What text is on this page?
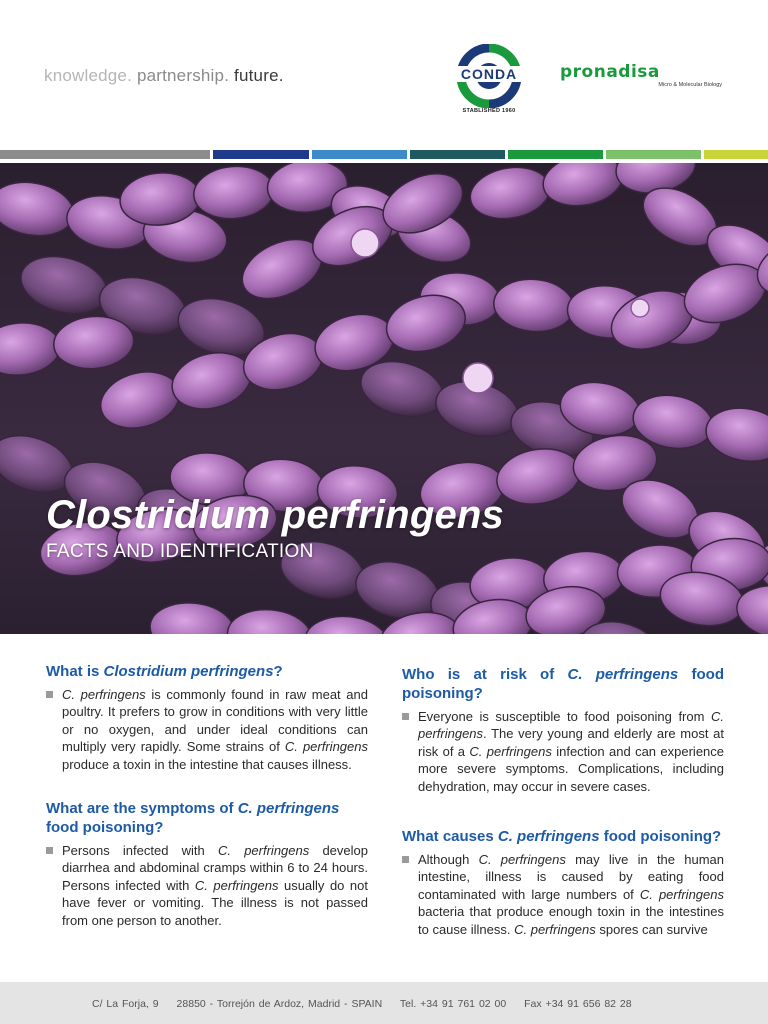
knowledge. partnership. future.	CONDA
STABLISHED 1960
pronadisa
Micro & Molecular Biology
Clostridium perfringens
FACTS AND IDENTIFICATION
What is Clostridium perfringens?
C. perfringens is commonly found in raw meat and poultry. It prefers to grow in conditions with very little or no oxygen, and under ideal conditions can multiply very rapidly. Some strains of C. perfringens produce a toxin in the intestine that causes illness.
What are the symptoms of C. perfringens food poisoning?
Persons infected with C. perfringens develop diarrhea and abdominal cramps within 6 to 24 hours. Persons infected with C. perfringens usually do not have fever or vomiting. The illness is not passed from one person to another.
Who is at risk of C. perfringens food poisoning?
Everyone is susceptible to food poisoning from C. perfringens. The very young and elderly are most at risk of a C. perfringens infection and can experience more severe symptoms. Complications, including dehydration, may occur in severe cases.
What causes C. perfringens food poisoning?
Although C. perfringens may live in the human intestine, illness is caused by eating food contaminated with large numbers of C. perfringens bacteria that produce enough toxin in the intestines to cause illness. C. perfringens spores can survive
C/ La Forja, 9 28850 - Torrejón de Ardoz, Madrid - SPAIN Tel. +34 91 761 02 00 Fax +34 91 656 82 28
